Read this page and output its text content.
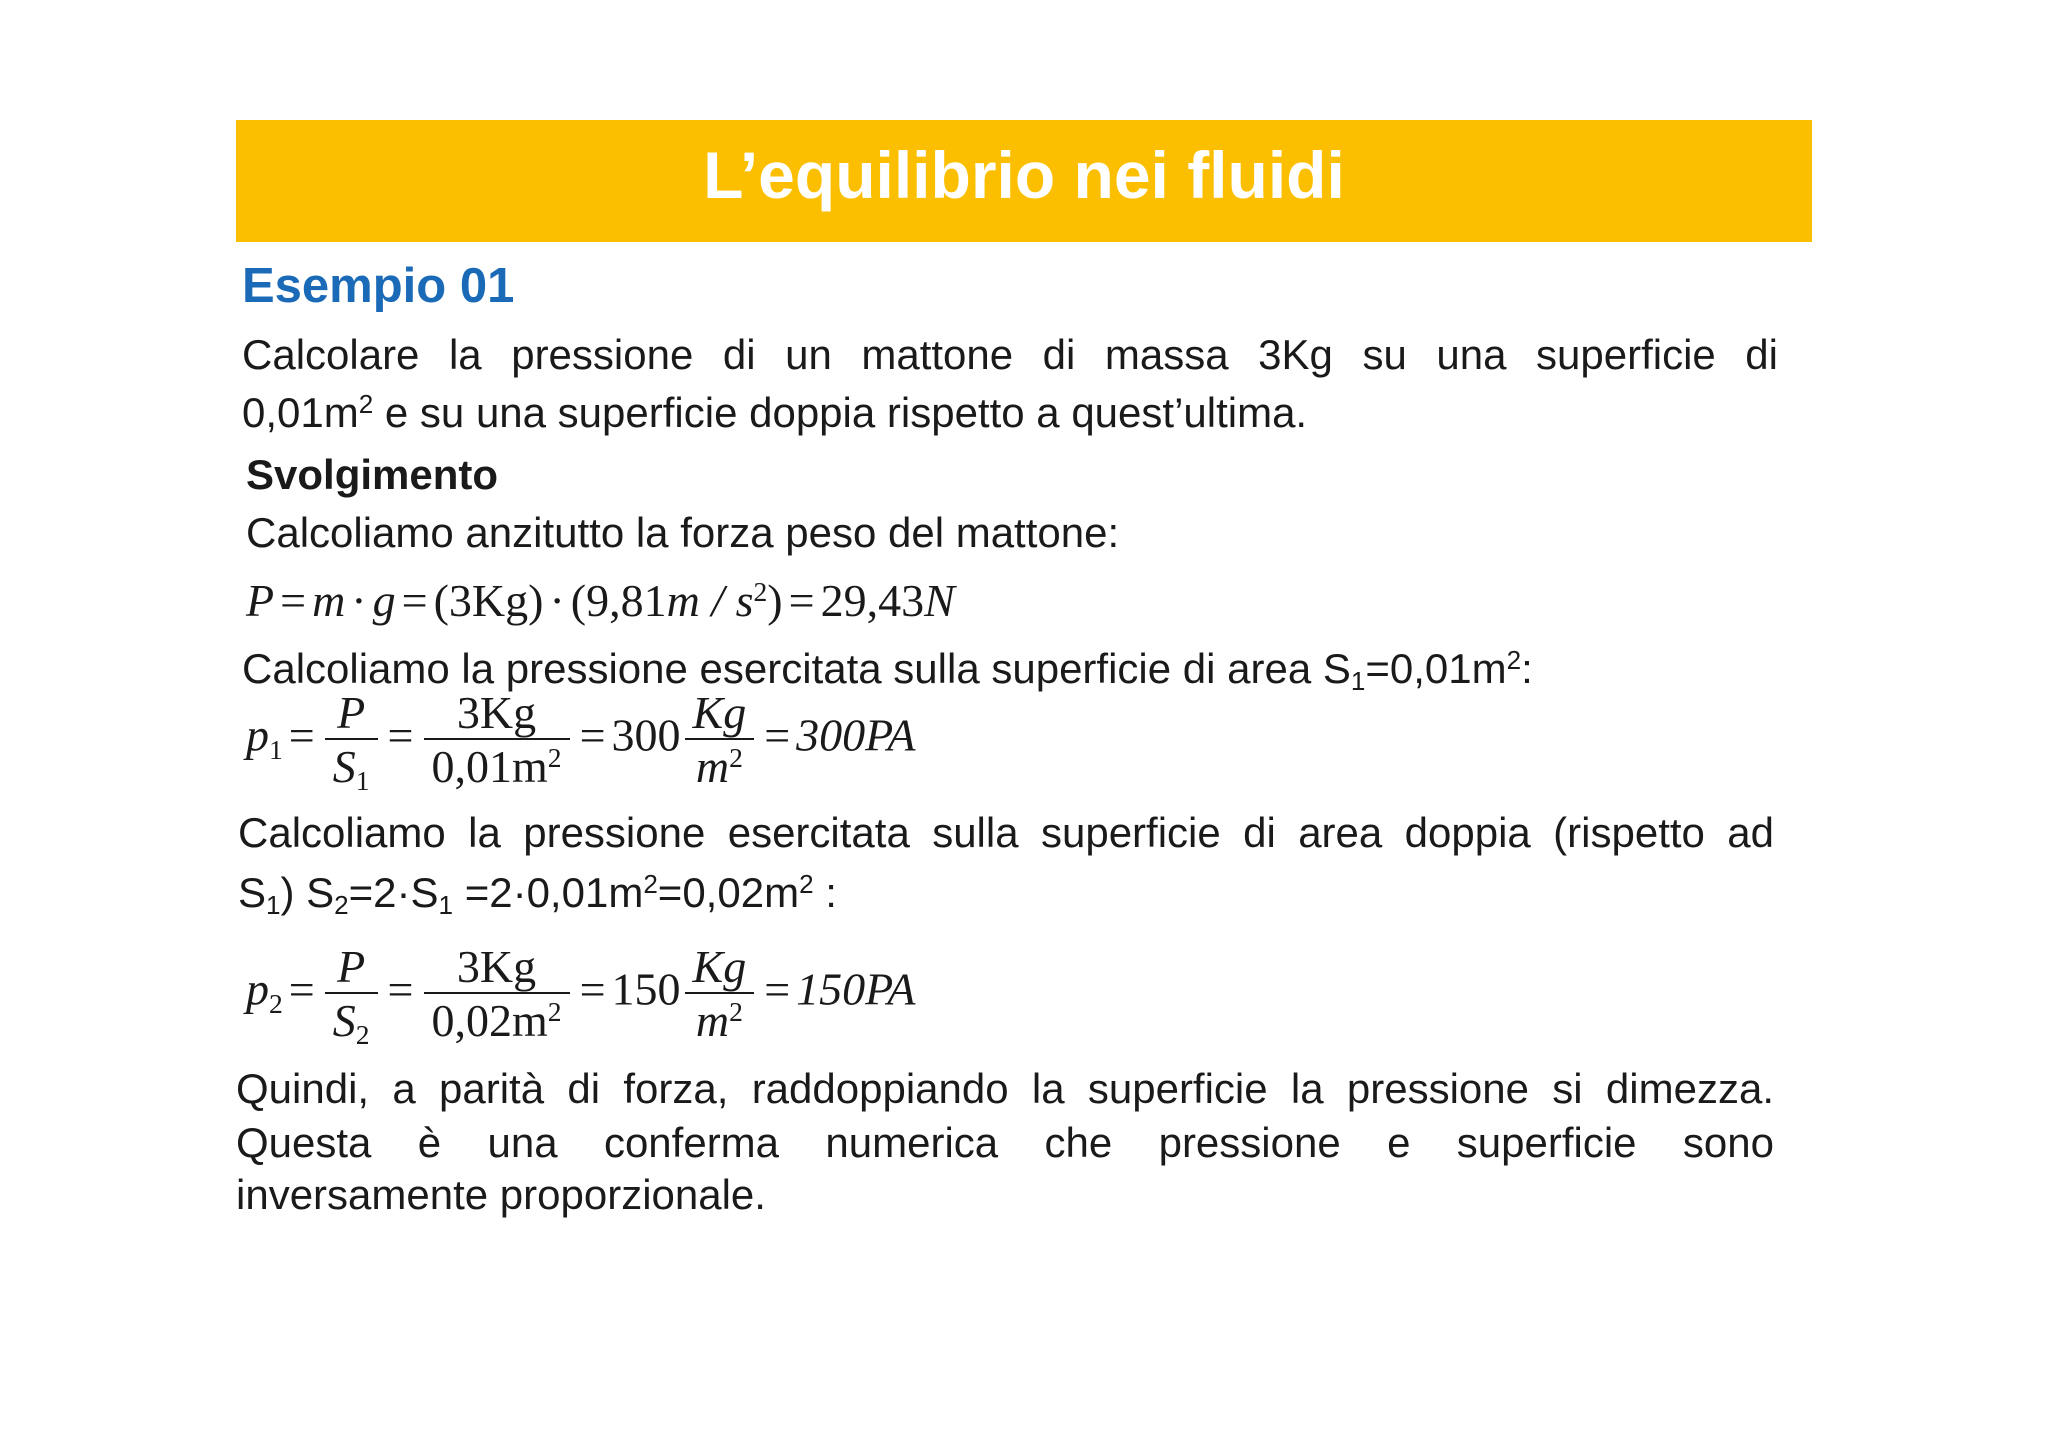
L’equilibrio nei fluidi
Esempio 01
Calcolare la pressione di un mattone di massa 3Kg su una superficie di
$0,01m^2$ e su una superficie doppia rispetto a quest’ultima.
Svolgimento
Calcoliamo anzitutto la forza peso del mattone:
$P = m \cdot g = (3Kg) \cdot (9,81m / s^2) = 29,43N$
Calcoliamo la pressione esercitata sulla superficie di area $S_1=0,01m^2$:
$p1 = \frac{P}{S1} = \frac{3Kg}{0,01m^2} = 300 \frac{Kg}{m^2} = 300PA$
Calcoliamo la pressione esercitata sulla superficie di area doppia (rispetto ad
$S_1$) $S_2=2\cdot S_1 =2\cdot 0,01m^2=0,02m^2$ :
$p2 = \frac{P}{S2} = \frac{3Kg}{0,02m^2} = 150 \frac{Kg}{m^2} = 150PA$
Quindi, a parità di forza, raddoppiando la superficie la pressione si dimezza.
Questa è una conferma numerica che pressione e superficie sono
inversamente proporzionale.
